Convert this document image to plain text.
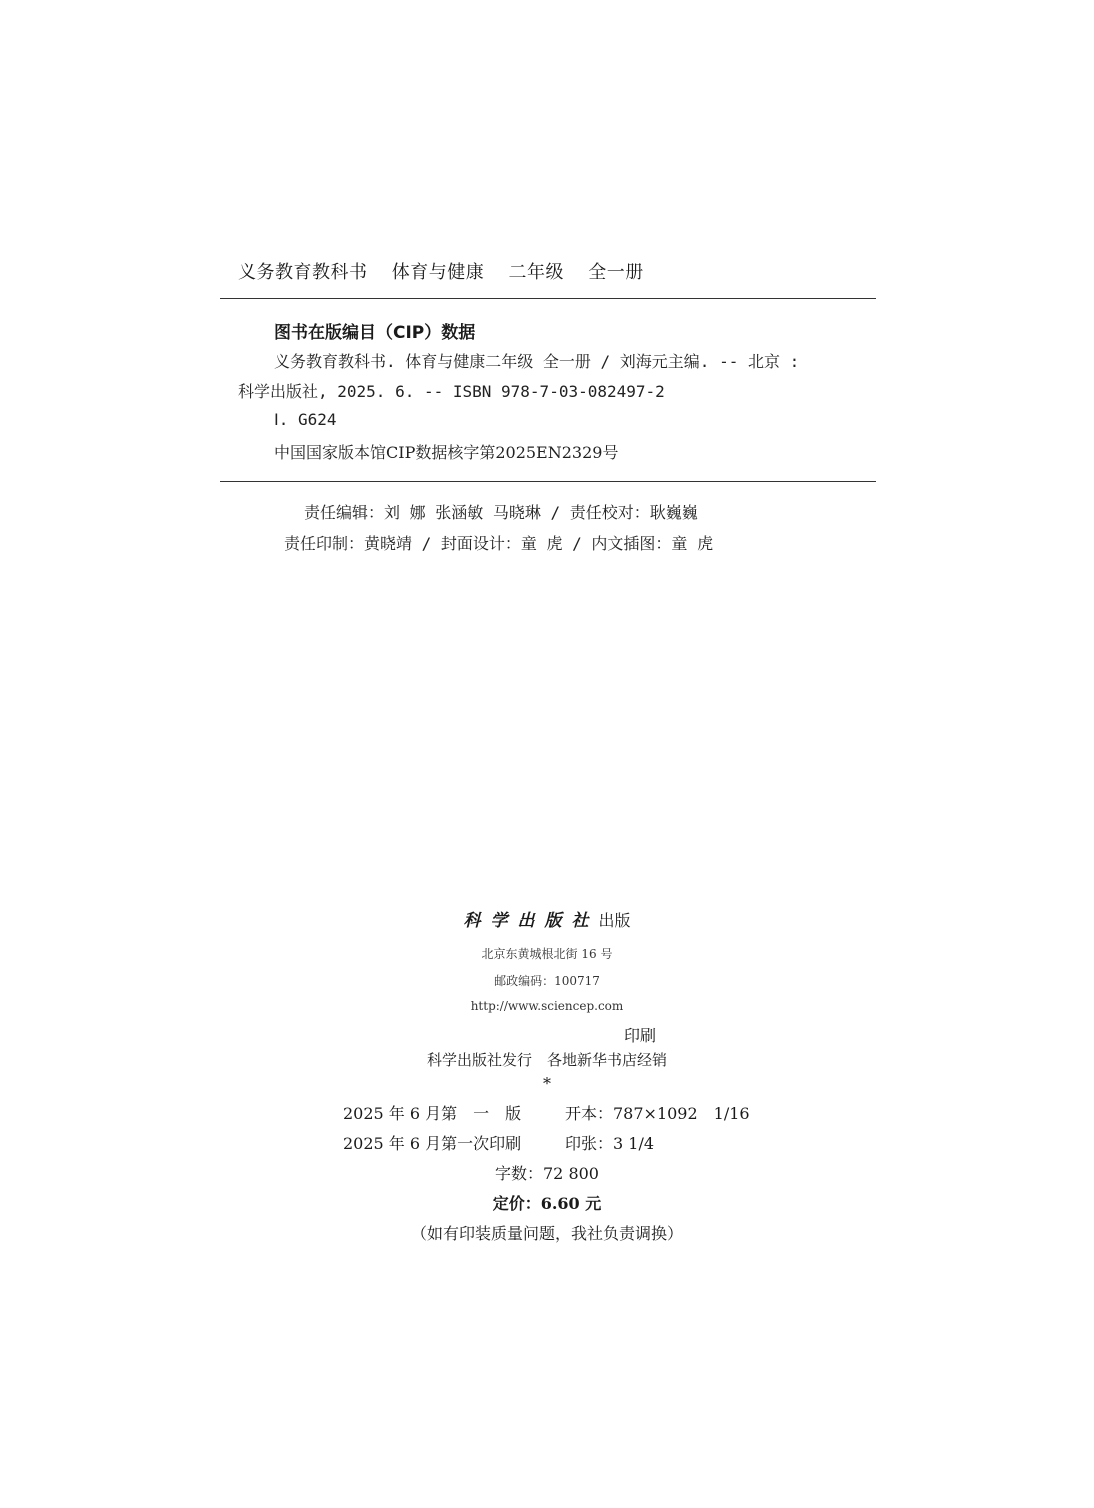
义务教育教科书 体育与健康 二年级 全一册
图书在版编目（CIP）数据
义务教育教科书. 体育与健康二年级 全一册 / 刘海元主编. -- 北京 :
科学出版社, 2025. 6. -- ISBN 978-7-03-082497-2
Ⅰ. G624
中国国家版本馆CIP数据核字第2025EN2329号
责任编辑：刘 娜 张涵敏 马晓琳 / 责任校对：耿巍巍
责任印制：黄晓靖 / 封面设计：童 虎 / 内文插图：童 虎
科学出版社出版
北京东黄城根北街 16 号
邮政编码：100717
http://www.sciencep.com
印刷
科学出版社发行　各地新华书店经销
*
2025 年 6 月第　一　版	开本：787×1092　1/16
2025 年 6 月第一次印刷	印张：3 1/4
字数：72 800
定价：6.60 元
（如有印装质量问题，我社负责调换）
